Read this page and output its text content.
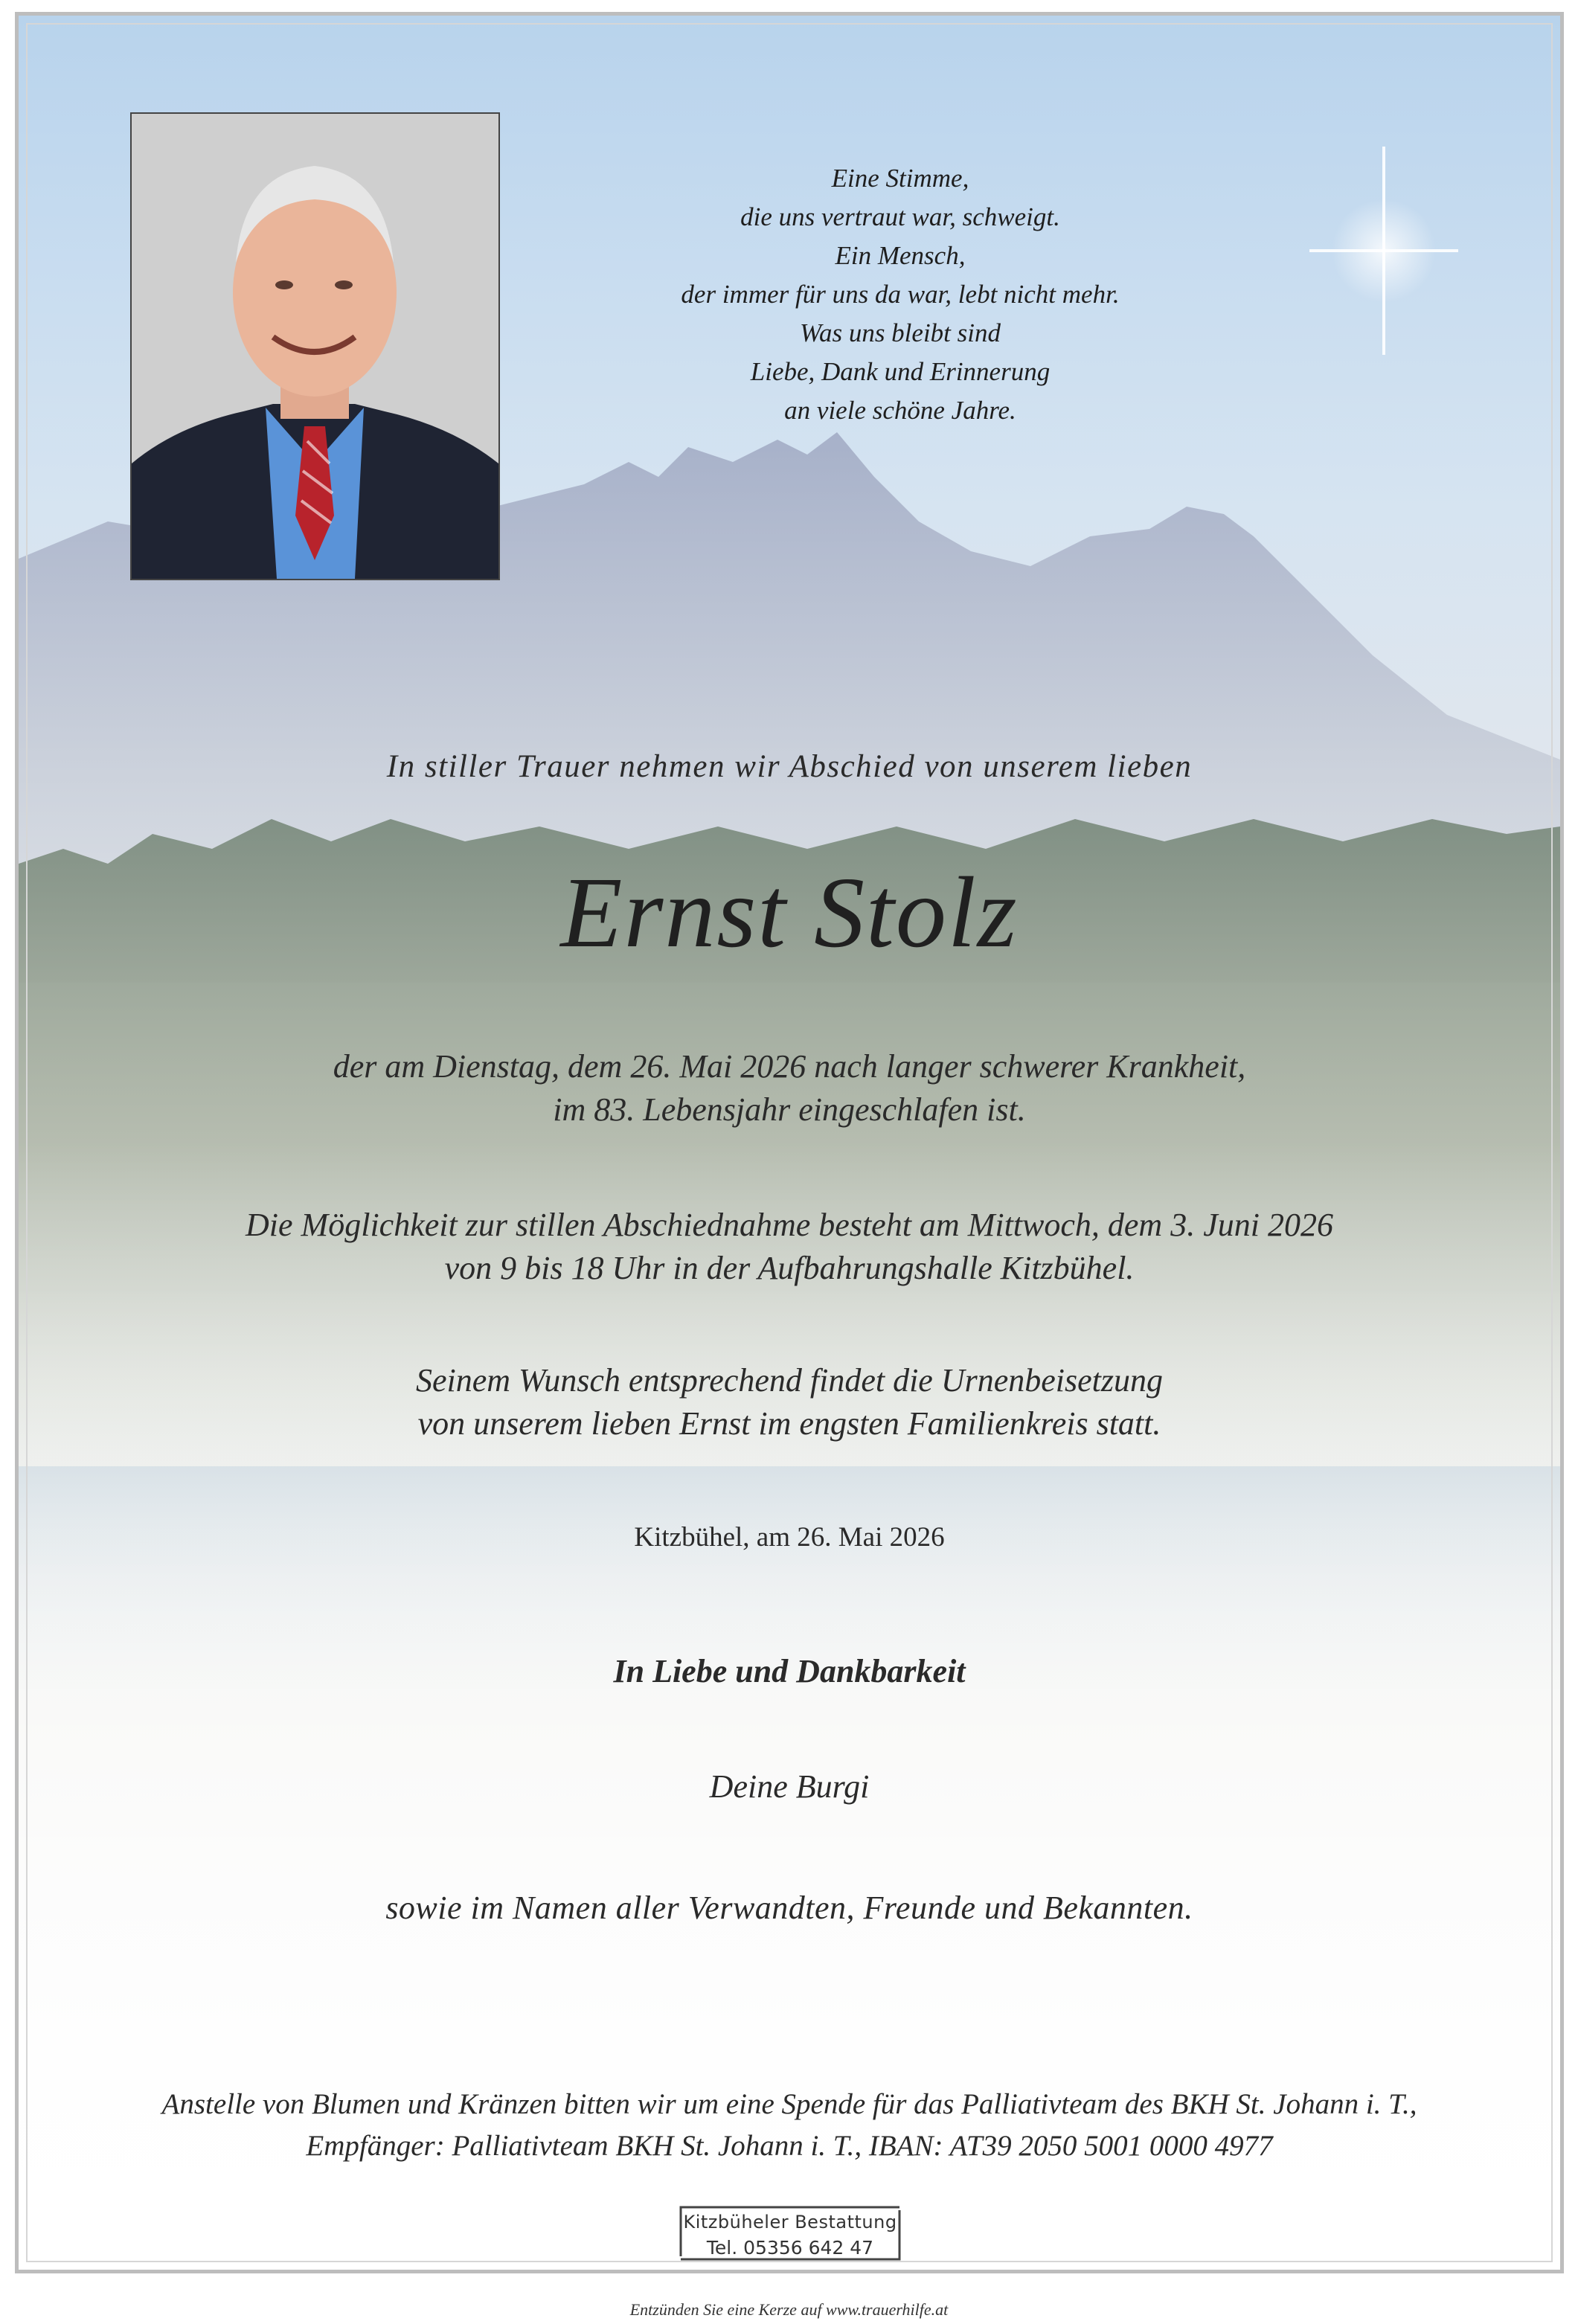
Eine Stimme,
die uns vertraut war, schweigt.
Ein Mensch,
der immer für uns da war, lebt nicht mehr.
Was uns bleibt sind
Liebe, Dank und Erinnerung
an viele schöne Jahre.
In stiller Trauer nehmen wir Abschied von unserem lieben
Ernst Stolz
der am Dienstag, dem 26. Mai 2026 nach langer schwerer Krankheit,
im 83. Lebensjahr eingeschlafen ist.
Die Möglichkeit zur stillen Abschiednahme besteht am Mittwoch, dem 3. Juni 2026
von 9 bis 18 Uhr in der Aufbahrungshalle Kitzbühel.
Seinem Wunsch entsprechend findet die Urnenbeisetzung
von unserem lieben Ernst im engsten Familienkreis statt.
Kitzbühel, am 26. Mai 2026
In Liebe und Dankbarkeit
Deine Burgi
sowie im Namen aller Verwandten, Freunde und Bekannten.
Anstelle von Blumen und Kränzen bitten wir um eine Spende für das Palliativteam des BKH St. Johann i. T.,
Empfänger: Palliativteam BKH St. Johann i. T., IBAN: AT39 2050 5001 0000 4977
Kitzbüheler Bestattung
Tel. 05356 642 47
Entzünden Sie eine Kerze auf www.trauerhilfe.at
